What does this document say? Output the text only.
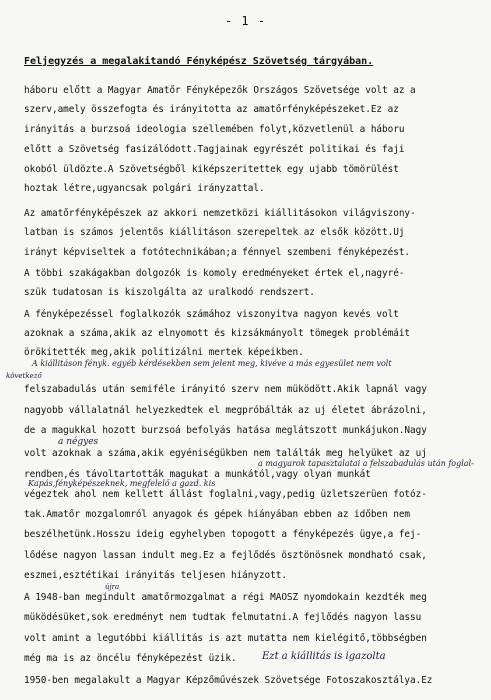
- 1 -
Feljegyzés a megalakitandó Fényképész Szövetség tárgyában.
háboru előtt a Magyar Amatőr Fényképezők Országos Szövetsége volt az a
szerv,amely összefogta és irányitotta az amatőrfényképészeket.Ez az
irányitás a burzsoá ideologia szellemében folyt,közvetlenül a háboru
előtt a Szövetség fasizálódott.Tagjainak egyrészét politikai és faji
okoból üldözte.A Szövetségből kiképszeritettek egy ujabb tömörülést
hoztak létre,ugyancsak polgári irányzattal.
Az amatőrfényképészek az akkori nemzetközi kiállitásokon világviszony-
latban is számos jelentős kiállitáson szerepeltek az elsők között.Uj
irányt képviseltek a fotótechnikában;a fénnyel szembeni fényképezést.
A többi szakágakban dolgozók is komoly eredményeket értek el,nagyré-
szük tudatosan is kiszolgálta az uralkodó rendszert.
A fényképezéssel foglalkozók számához viszonyitva nagyon kevés volt
azoknak a száma,akik az elnyomott és kizsákmányolt tömegek problémáit
örökitették meg,akik politizálni mertek képeikben.
A kiállitáson fényk. egyéb kérdésekben sem jelent meg, kivéve a más egyesület nem volt
következő
felszabadulás után semiféle irányitó szerv nem müködött.Akik lapnál vagy
nagyobb vállalatnál helyezkedtek el megpróbálták az uj életet ábrázolni,
de a magukkal hozott burzsoá befolyás hatása meglátszott munkájukon.Nagy
a négyes
volt azoknak a száma,akik egyéniségükben nem találták meg helyüket az uj
a magyarok tapasztalatai a felszabadulás után foglal-
rendben,és távoltartották magukat a munkától,vagy olyan munkát
Kapás,fényképészeknek, megfelelő a gazd. kis
végeztek ahol nem kellett állást foglalni,vagy,pedig üzletszerüen fotóz-
tak.Amatőr mozgalomról anyagok és gépek hiányában ebben az időben nem
beszélhetünk.Hosszu ideig egyhelyben topogott a fényképezés ügye,a fej-
lődése nagyon lassan indult meg.Ez a fejlődés ösztönösnek mondható csak,
eszmei,esztétikai irányitás teljesen hiányzott.
újra
A 1948-ban megindult amatőrmozgalmat a régi MAOSZ nyomdokain kezdték meg
müködésüket,sok eredményt nem tudtak felmutatni.A fejlődés nagyon lassu
volt amint a legutóbbi kiállitás is azt mutatta nem kielégitő,többségben
még ma is az öncélu fényképezést üzik.	Ezt a kiállitás is igazolta
1950-ben megalakult a Magyar Képzőművészek Szövetsége Fotoszakosztálya.Ez
